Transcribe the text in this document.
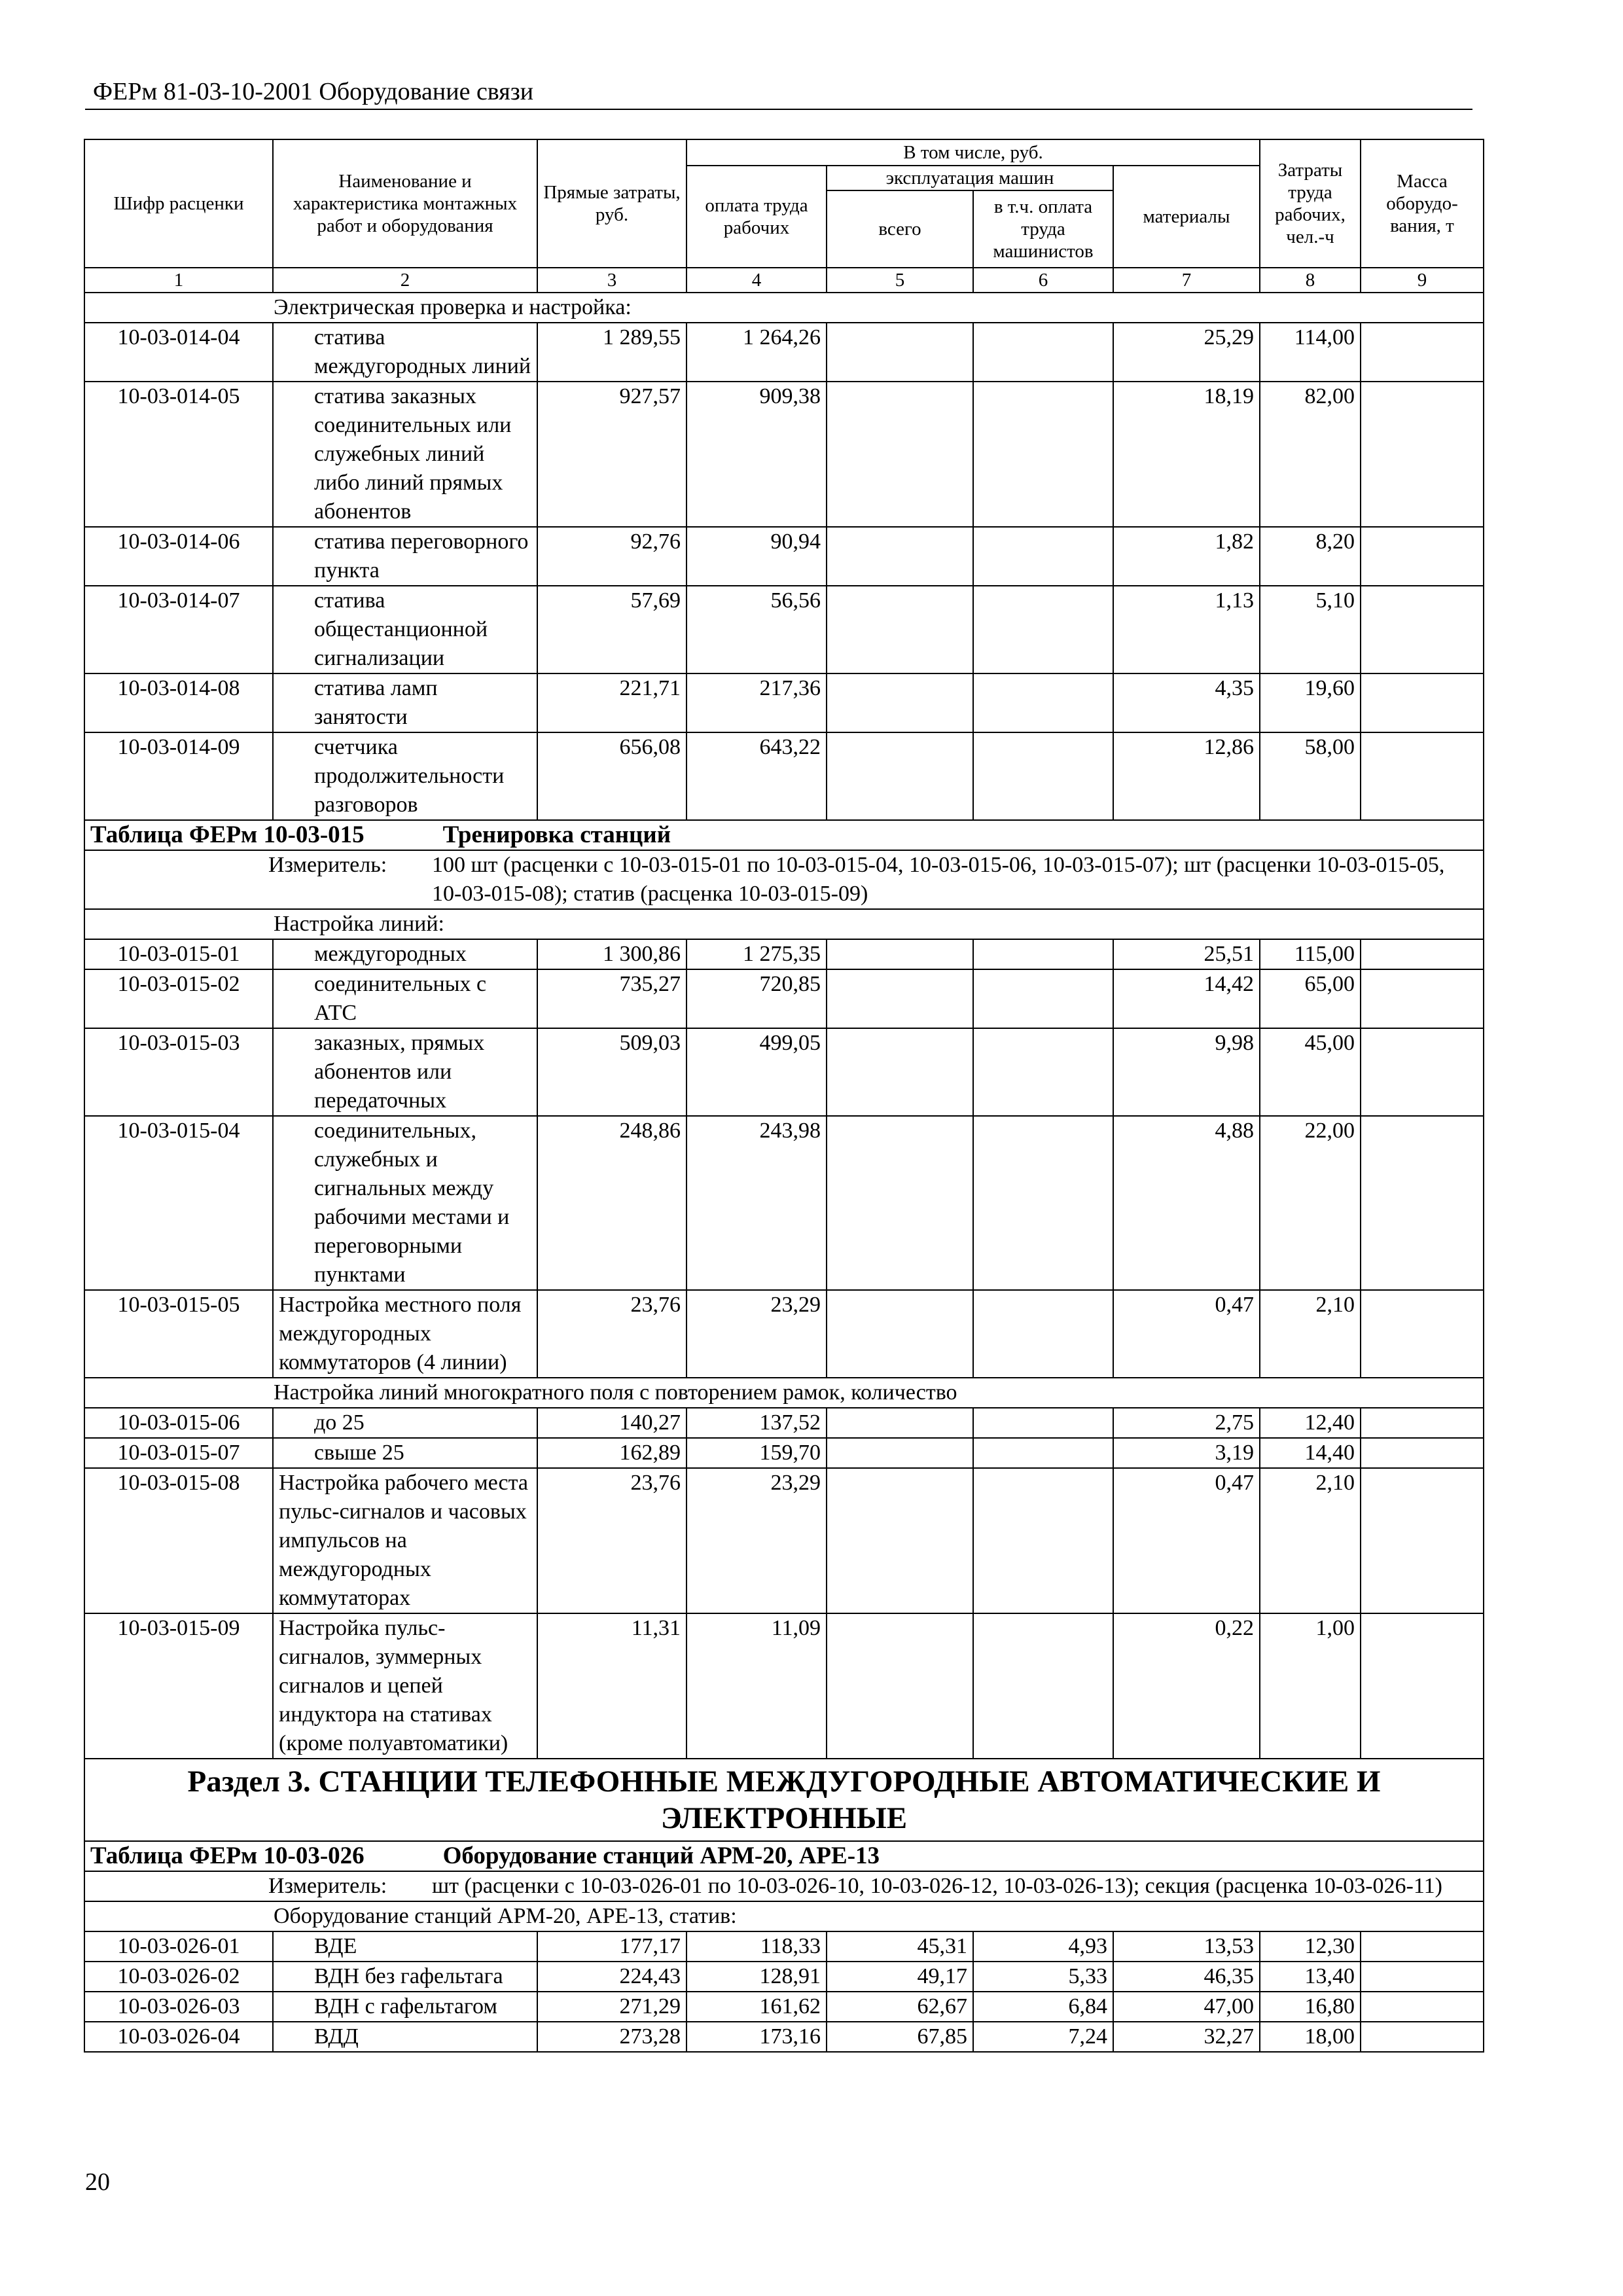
ФЕРм 81-03-10-2001 Оборудование связи
Шифр расценки	Наименование и характеристика монтажных работ и оборудования	Прямые затраты, руб.	В том числе, руб.				Затраты труда рабочих, чел.-ч	Масса оборудо-вания, т
			оплата труда рабочих	эксплуатация машин		материалы		
				всего	в т.ч. оплата труда машинистов			

1	2	3	4	5	6	7	8	9
Электрическая проверка и настройка:								
10-03-014-04	статива междугородных линий	1 289,55	1 264,26			25,29	114,00	
10-03-014-05	статива заказных соединительных или служебных линий либо линий прямых абонентов	927,57	909,38			18,19	82,00	
10-03-014-06	статива переговорного пункта	92,76	90,94			1,82	8,20	
10-03-014-07	статива общестанционной сигнализации	57,69	56,56			1,13	5,10	
10-03-014-08	статива ламп занятости	221,71	217,36			4,35	19,60	
10-03-014-09	счетчика продолжительности разговоров	656,08	643,22			12,86	58,00	
Таблица ФЕРм 10-03-015 Тренировка станций								
Измеритель: 100 шт (расценки с 10-03-015-01 по 10-03-015-04, 10-03-015-06, 10-03-015-07); шт (расценки 10-03-015-05, 10-03-015-08); статив (расценка 10-03-015-09)								
Настройка линий:								
10-03-015-01	междугородных	1 300,86	1 275,35			25,51	115,00	
10-03-015-02	соединительных с АТС	735,27	720,85			14,42	65,00	
10-03-015-03	заказных, прямых абонентов или передаточных	509,03	499,05			9,98	45,00	
10-03-015-04	соединительных, служебных и сигнальных между рабочими местами и переговорными пунктами	248,86	243,98			4,88	22,00	
10-03-015-05	Настройка местного поля междугородных коммутаторов (4 линии)	23,76	23,29			0,47	2,10	
Настройка линий многократного поля с повторением рамок, количество								
10-03-015-06	до 25	140,27	137,52			2,75	12,40	
10-03-015-07	свыше 25	162,89	159,70			3,19	14,40	
10-03-015-08	Настройка рабочего места пульс-сигналов и часовых импульсов на междугородных коммутаторах	23,76	23,29			0,47	2,10	
10-03-015-09	Настройка пульс-сигналов, зуммерных сигналов и цепей индуктора на стативах (кроме полуавтоматики)	11,31	11,09			0,22	1,00	
Раздел 3. СТАНЦИИ ТЕЛЕФОННЫЕ МЕЖДУГОРОДНЫЕ АВТОМАТИЧЕСКИЕ И ЭЛЕКТРОННЫЕ								
Таблица ФЕРм 10-03-026 Оборудование станций АРМ-20, АРЕ-13								
Измеритель: шт (расценки с 10-03-026-01 по 10-03-026-10, 10-03-026-12, 10-03-026-13); секция (расценка 10-03-026-11)								
Оборудование станций АРМ-20, АРЕ-13, статив:								
10-03-026-01	ВДЕ	177,17	118,33	45,31	4,93	13,53	12,30	
10-03-026-02	ВДН без гафельтага	224,43	128,91	49,17	5,33	46,35	13,40	
10-03-026-03	ВДН с гафельтагом	271,29	161,62	62,67	6,84	47,00	16,80	
10-03-026-04	ВДД	273,28	173,16	67,85	7,24	32,27	18,00	
20
